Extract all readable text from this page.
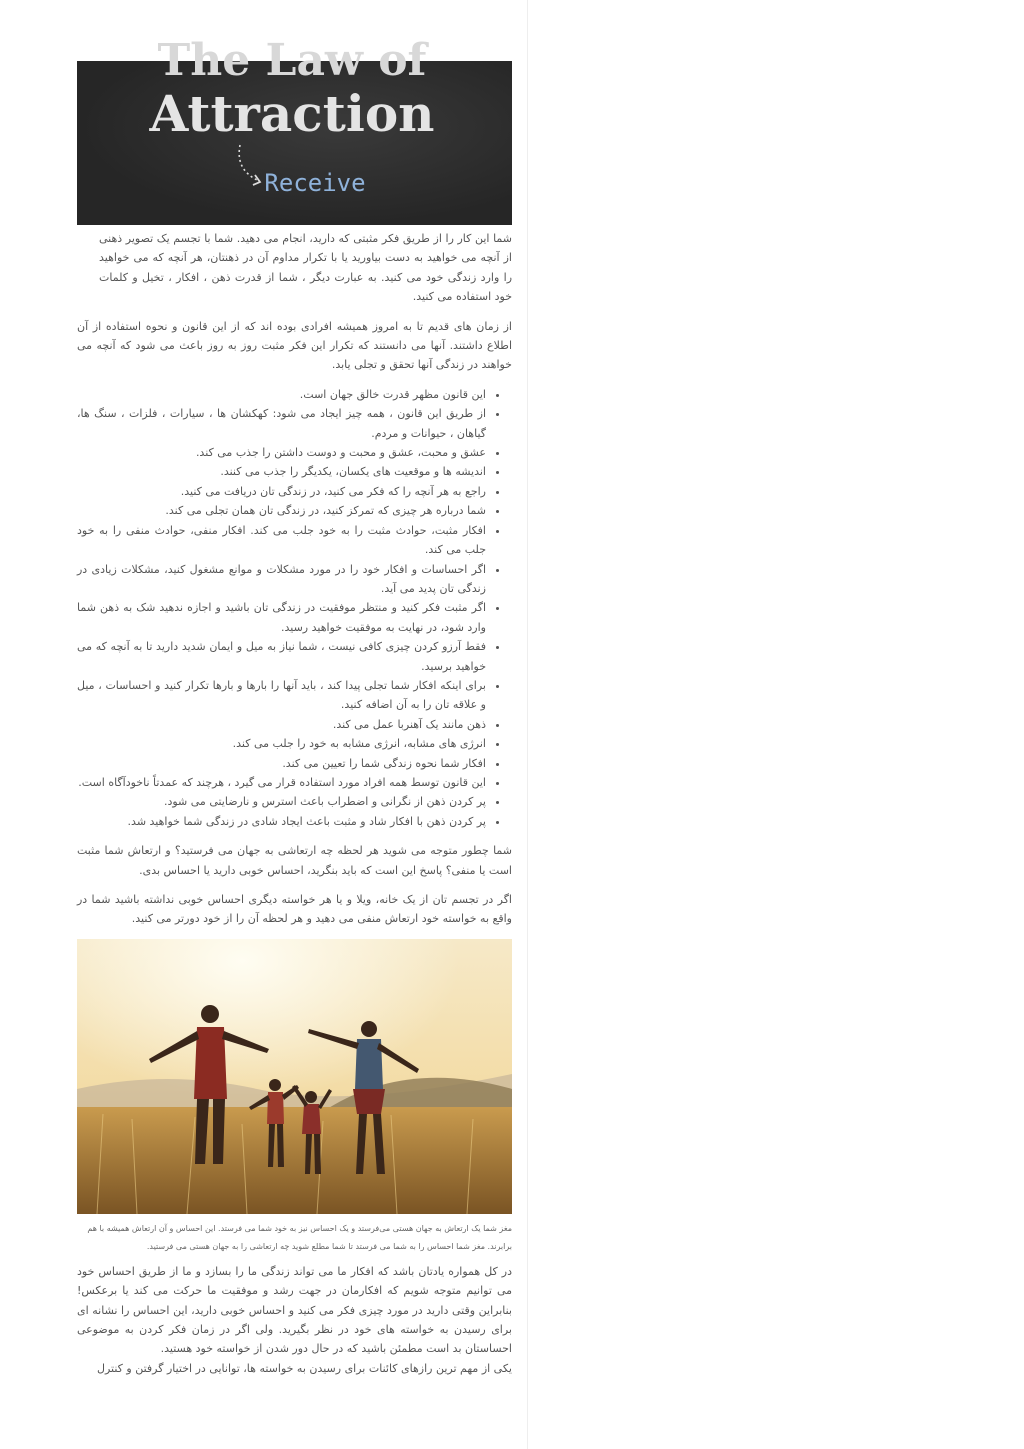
The Law of
Attraction
Receive

شما این کار را از طریق فکر مثبتی که دارید، انجام می دهید. شما با تجسم یک تصویر ذهنی از آنچه می خواهید به دست بیاورید یا با تکرار مداوم آن در ذهنتان، هر آنچه که می خواهید را وارد زندگی خود می کنید. به عبارت دیگر ، شما از قدرت ذهن ، افکار ، تخیل و کلمات خود استفاده می کنید.

از زمان های قدیم تا به امروز همیشه افرادی بوده اند که از این قانون و نحوه استفاده از آن اطلاع داشتند. آنها می دانستند که تکرار این فکر مثبت روز به روز باعث می شود که آنچه می خواهند در زندگی آنها تحقق و تجلی یابد.

• این قانون مظهر قدرت خالق جهان است.
• از طریق این قانون ، همه چیز ایجاد می شود: کهکشان ها ، سیارات ، فلزات ، سنگ ها، گیاهان ، حیوانات و مردم.
• عشق و محبت، عشق و محبت و دوست داشتن را جذب می کند.
• اندیشه ها و موقعیت های یکسان، یکدیگر را جذب می کنند.
• راجع به هر آنچه را که فکر می کنید، در زندگی تان دریافت می کنید.
• شما درباره هر چیزی که تمرکز کنید، در زندگی تان همان تجلی می کند.
• افکار مثبت، حوادث مثبت را به خود جلب می کند. افکار منفی، حوادث منفی را به خود جلب می کند.
• اگر احساسات و افکار خود را در مورد مشکلات و موانع مشغول کنید، مشکلات زیادی در زندگی تان پدید می آید.
• اگر مثبت فکر کنید و منتظر موفقیت در زندگی تان باشید و اجازه ندهید شک به ذهن شما وارد شود، در نهایت به موفقیت خواهید رسید.
• فقط آرزو کردن چیزی کافی نیست ، شما نیاز به میل و ایمان شدید دارید تا به آنچه که می خواهید برسید.
• برای اینکه افکار شما تجلی پیدا کند ، باید آنها را بارها و بارها تکرار کنید و احساسات ، میل و علاقه تان را به آن اضافه کنید.
• ذهن مانند یک آهنربا عمل می کند.
• انرژی های مشابه، انرژی مشابه به خود را جلب می کند.
• افکار شما نحوه زندگی شما را تعیین می کند.
• این قانون توسط همه افراد مورد استفاده قرار می گیرد ، هرچند که عمدتاً ناخودآگاه است.
• پر کردن ذهن از نگرانی و اضطراب باعث استرس و نارضایتی می شود.
• پر کردن ذهن با افکار شاد و مثبت باعث ایجاد شادی در زندگی شما خواهید شد.

شما چطور متوجه می شوید هر لحظه چه ارتعاشی به جهان می فرستید؟ و ارتعاش شما مثبت است یا منفی؟ پاسخ این است که باید بنگرید، احساس خوبی دارید یا احساس بدی.

اگر در تجسم تان از یک خانه، ویلا و یا هر خواسته دیگری احساس خوبی نداشته باشید شما در واقع به خواسته خود ارتعاش منفی می دهید و هر لحظه آن را از خود دورتر می کنید.

مغز شما یک ارتعاش به جهان هستی می‌فرستد و یک احساس نیز به خود شما می فرستد. این احساس و آن ارتعاش همیشه با هم برابرند. مغز شما احساس را به شما می فرستد تا شما مطلع شوید چه ارتعاشی را به جهان هستی می فرستید.

در کل همواره یادتان باشد که افکار ما می تواند زندگی ما را بسازد و ما از طریق احساس خود می توانیم متوجه شویم که افکارمان در جهت رشد و موفقیت ما حرکت می کند یا برعکس! بنابراین وقتی دارید در مورد چیزی فکر می کنید و احساس خوبی دارید، این احساس را نشانه ای برای رسیدن به خواسته های خود در نظر بگیرید. ولی اگر در زمان فکر کردن به موضوعی احساستان بد است مطمئن باشید که در حال دور شدن از خواسته خود هستید.

یکی از مهم ترین رازهای کائنات برای رسیدن به خواسته ها، توانایی در اختیار گرفتن و کنترل
